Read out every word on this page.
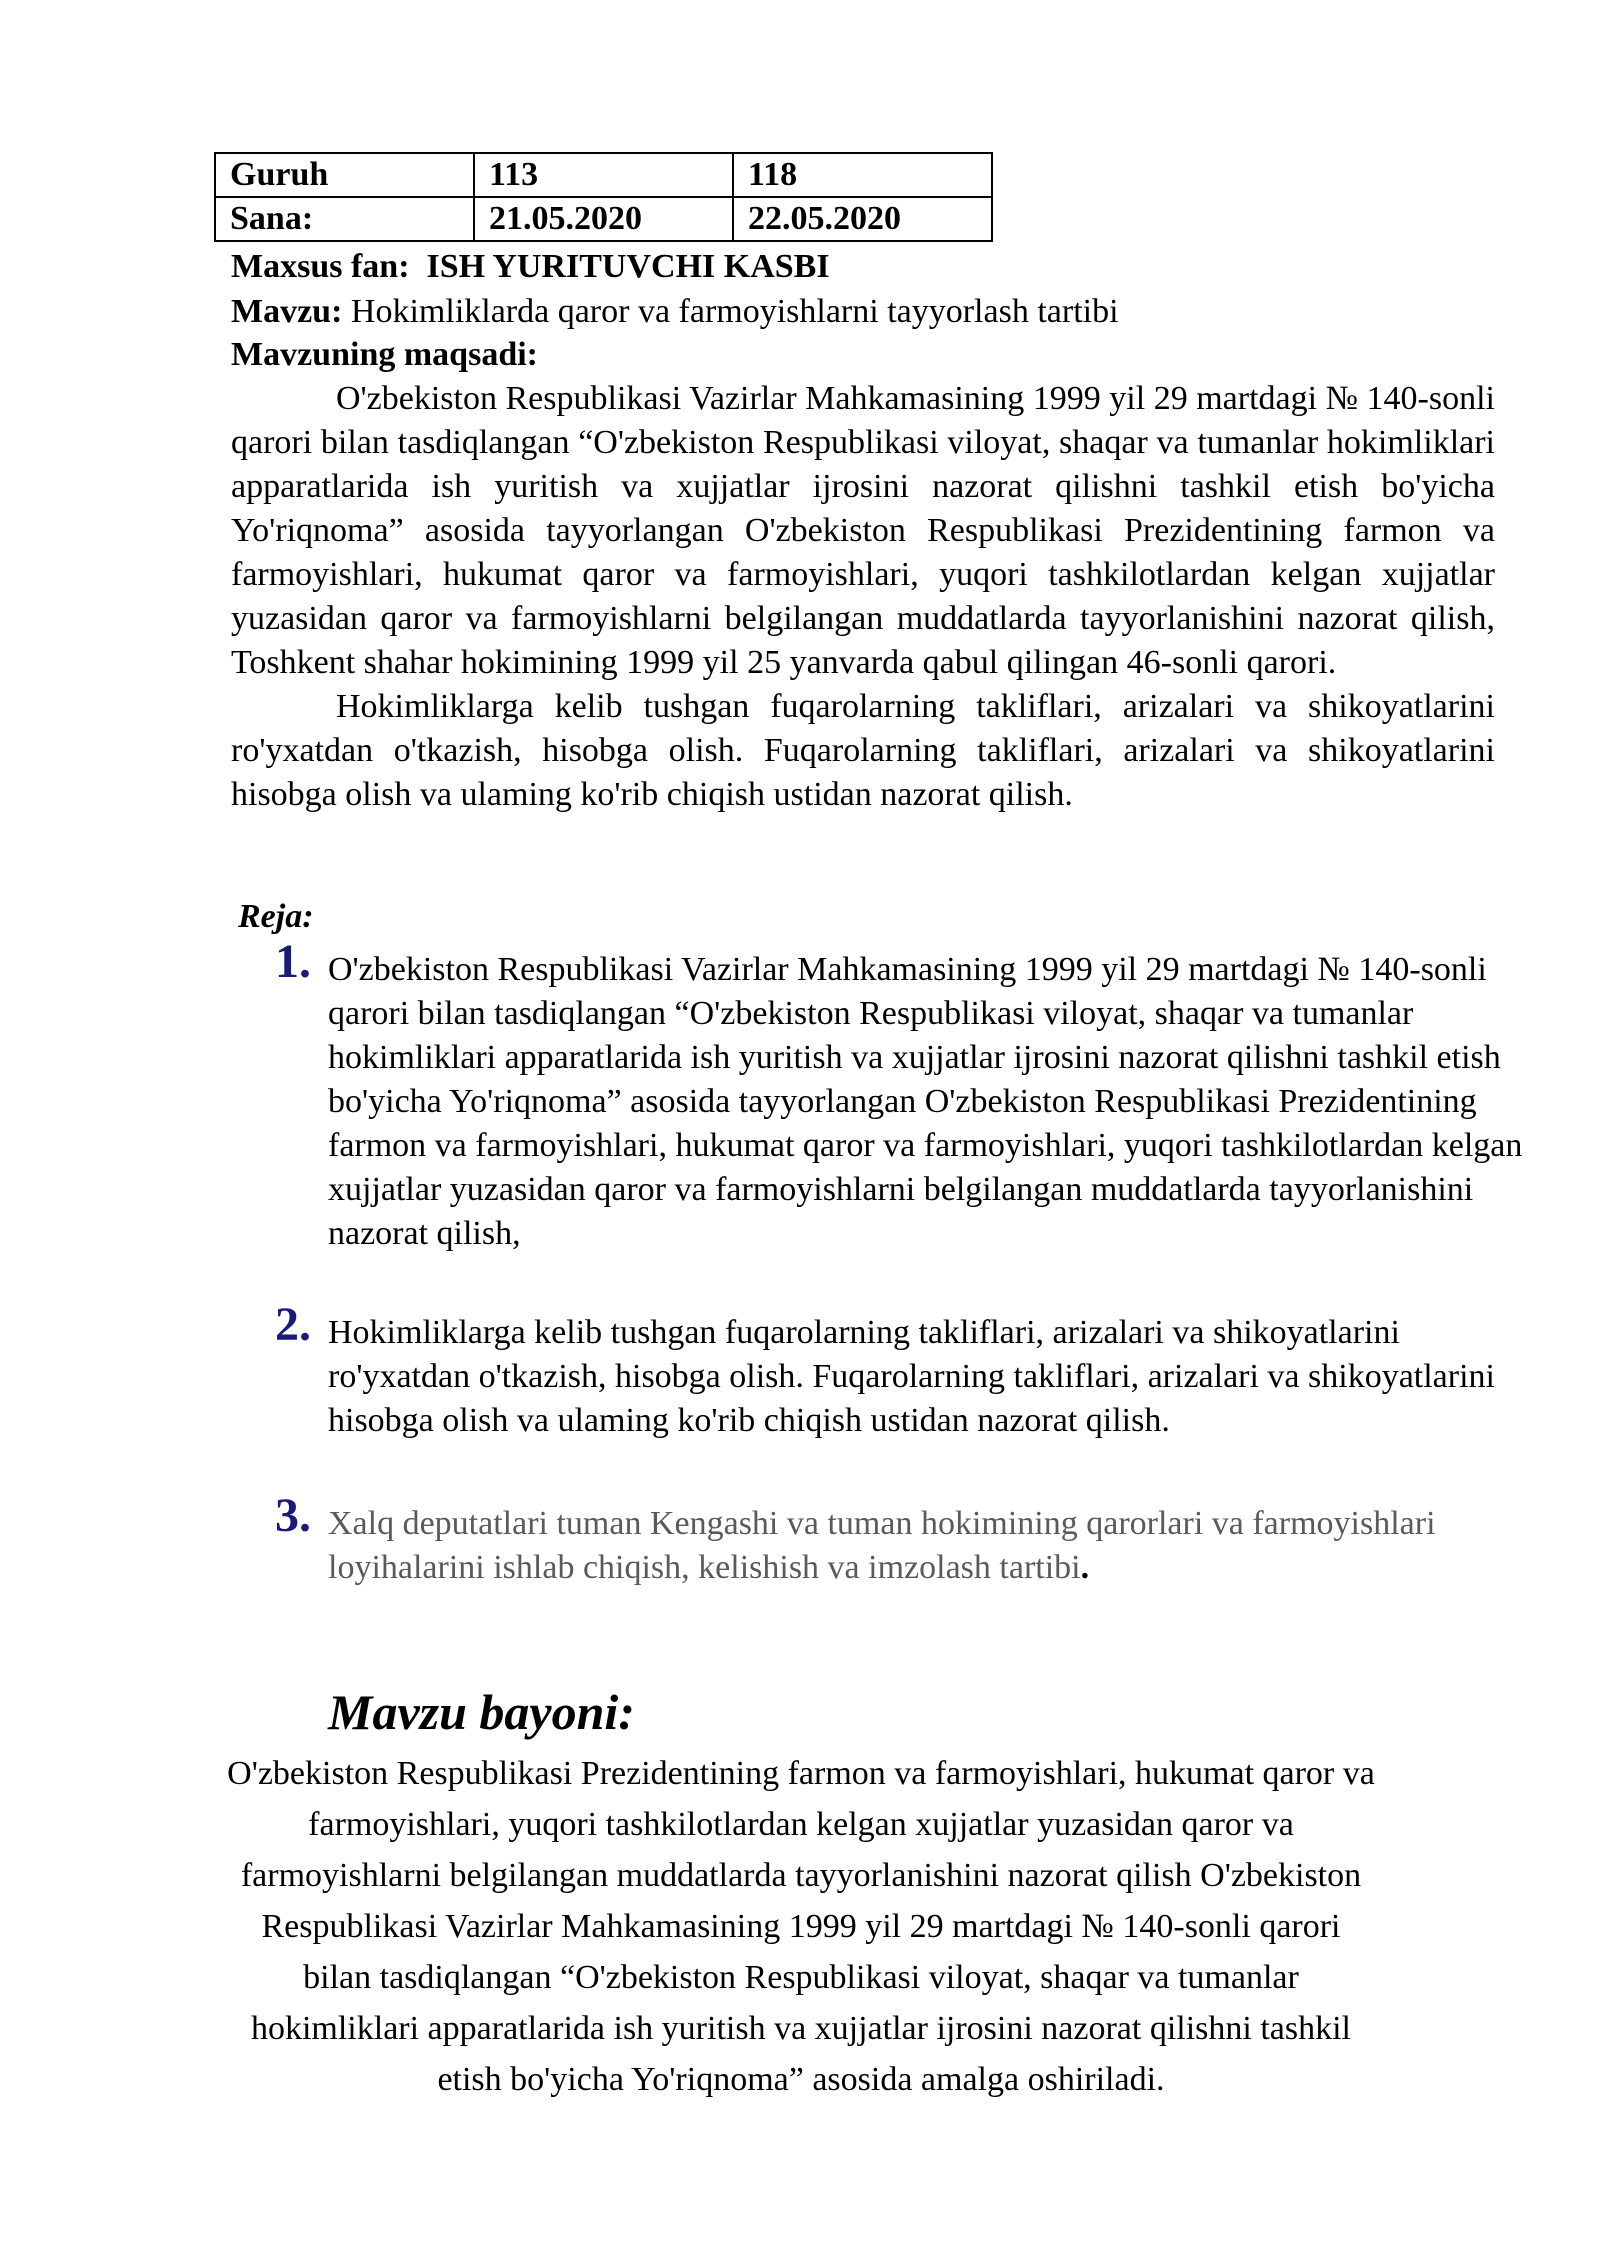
Guruh	113	118
Sana:	21.05.2020	22.05.2020
Maxsus fan: ISH YURITUVCHI KASBI
Mavzu: Hokimliklarda qaror va farmoyishlarni tayyorlash tartibi
Mavzuning maqsadi:

O'zbekiston Respublikasi Vazirlar Mahkamasining 1999 yil 29 martdagi № 140-sonli qarori bilan tasdiqlangan “O'zbekiston Respublikasi viloyat, shaqar va tumanlar hokimliklari apparatlarida ish yuritish va xujjatlar ijrosini nazorat qilishni tashkil etish bo'yicha Yo'riqnoma” asosida tayyorlangan O'zbekiston Respublikasi Prezidentining farmon va farmoyishlari, hukumat qaror va farmoyishlari, yuqori tashkilotlardan kelgan xujjatlar yuzasidan qaror va farmoyishlarni belgilangan muddatlarda tayyorlanishini nazorat qilish, Toshkent shahar hokimining 1999 yil 25 yanvarda qabul qilingan 46-sonli qarori.

Hokimliklarga kelib tushgan fuqarolarning takliflari, arizalari va shikoyatlarini ro'yxatdan o'tkazish, hisobga olish. Fuqarolarning takliflari, arizalari va shikoyatlarini hisobga olish va ulaming ko'rib chiqish ustidan nazorat qilish.

Reja:
1. O'zbekiston Respublikasi Vazirlar Mahkamasining 1999 yil 29 martdagi № 140-sonli qarori bilan tasdiqlangan “O'zbekiston Respublikasi viloyat, shaqar va tumanlar hokimliklari apparatlarida ish yuritish va xujjatlar ijrosini nazorat qilishni tashkil etish bo'yicha Yo'riqnoma” asosida tayyorlangan O'zbekiston Respublikasi Prezidentining farmon va farmoyishlari, hukumat qaror va farmoyishlari, yuqori tashkilotlardan kelgan xujjatlar yuzasidan qaror va farmoyishlarni belgilangan muddatlarda tayyorlanishini nazorat qilish,
2. Hokimliklarga kelib tushgan fuqarolarning takliflari, arizalari va shikoyatlarini ro'yxatdan o'tkazish, hisobga olish. Fuqarolarning takliflari, arizalari va shikoyatlarini hisobga olish va ulaming ko'rib chiqish ustidan nazorat qilish.
3. Xalq deputatlari tuman Kengashi va tuman hokimining qarorlari va farmoyishlari loyihalarini ishlab chiqish, kelishish va imzolash tartibi.
Mavzu bayoni:
O'zbekiston Respublikasi Prezidentining farmon va farmoyishlari, hukumat qaror va farmoyishlari, yuqori tashkilotlardan kelgan xujjatlar yuzasidan qaror va farmoyishlarni belgilangan muddatlarda tayyorlanishini nazorat qilish O'zbekiston Respublikasi Vazirlar Mahkamasining 1999 yil 29 martdagi № 140-sonli qarori bilan tasdiqlangan “O'zbekiston Respublikasi viloyat, shaqar va tumanlar hokimliklari apparatlarida ish yuritish va xujjatlar ijrosini nazorat qilishni tashkil etish bo'yicha Yo'riqnoma” asosida amalga oshiriladi.
